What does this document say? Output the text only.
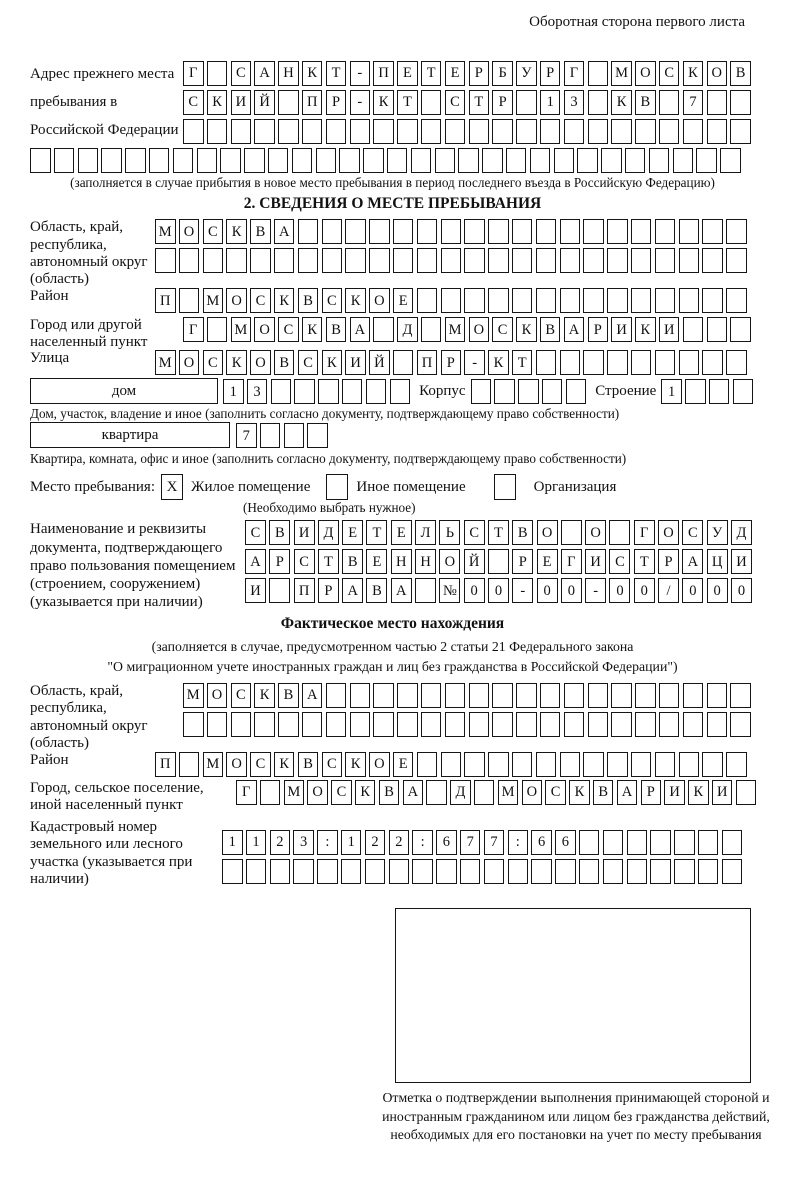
Оборотная сторона первого листа
Адрес прежнего места пребывания в Российской Федерации
Г	С А Н К	Т	-	П Е	Т	Е	Р	Б	У	Р	Г	М О С К О В
С К И Й	П	Р	-	К	Т	С	Т	Р	1	3	К В	7
(заполняется в случае прибытия в новое место пребывания в период последнего въезда в Российскую Федерацию)
2. СВЕДЕНИЯ О МЕСТЕ ПРЕБЫВАНИЯ
Область, край, республика, автономный округ (область)
М О С К В А
Район	П	М О С К В С К О Е
Город или другой населенный пункт
Г	М О С К В А	Д	М О С К В А	Р	И К И
Улица	М О С К О В С К И Й	П	Р	-	К	Т
дом	1	3	Корпус	Строение 1
Дом, участок, владение и иное (заполнить согласно документу, подтверждающему право собственности)
квартира	7
Квартира, комната, офис и иное (заполнить согласно документу, подтверждающему право собственности)
Место пребывания: X Жилое помещение	Иное помещение	Организация
(Необходимо выбрать нужное)
Наименование и реквизиты документа, подтверждающего право пользования помещением (строением, сооружением) (указывается при наличии)
С	В И Д	Е	Т	Е	Л	Ь	С	Т	В О	О	Г	О С У Д
А	Р	С	Т	В	Е	Н Н О Й	Р	Е	Г	И С	Т	Р	А Ц И
И	П	Р	А В А	№ 0	0	-	0	0	-	0	0	/	0	0	0
Фактическое место нахождения
(заполняется в случае, предусмотренном частью 2 статьи 21 Федерального закона
"О миграционном учете иностранных граждан и лиц без гражданства в Российской Федерации")
Область, край, республика, автономный округ (область)
М О С К В А
Район	П	М О С К В С К О Е
Город, сельское поселение, иной населенный пункт
Г	М О С К В А	Д	М О С К В А	Р	И К И
Кадастровый номер земельного или лесного участка (указывается при наличии)
1	1	2	3	:	1	2	2	:	6	7	7	:	6	6
Отметка о подтверждении выполнения принимающей стороной и иностранным гражданином или лицом без гражданства действий, необходимых для его постановки на учет по месту пребывания
